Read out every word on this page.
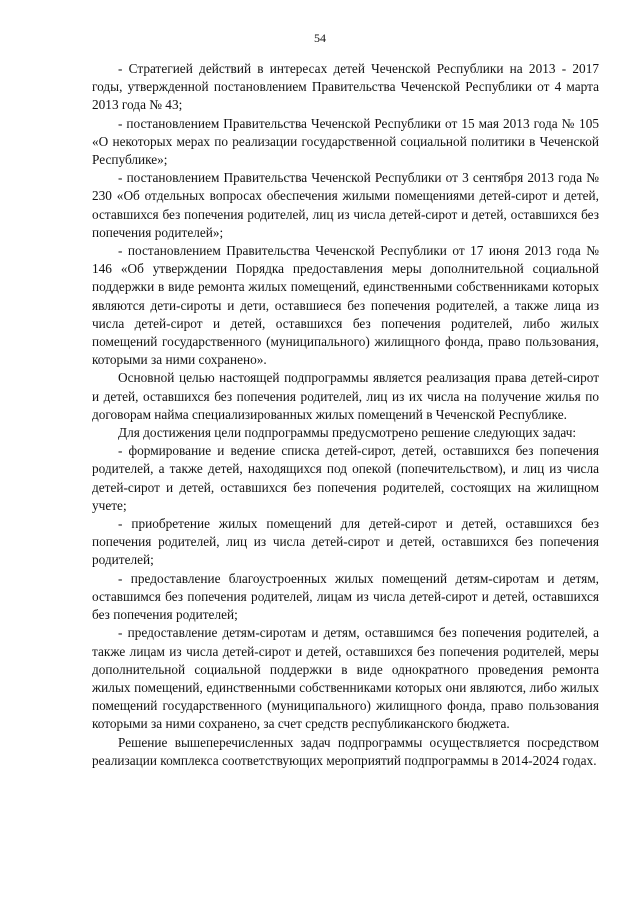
54

- Стратегией действий в интересах детей Чеченской Республики на 2013 - 2017 годы, утвержденной постановлением Правительства Чеченской Республики от 4 марта 2013 года № 43;

- постановлением Правительства Чеченской Республики от 15 мая 2013 года № 105 «О некоторых мерах по реализации государственной социальной политики в Чеченской Республике»;

- постановлением Правительства Чеченской Республики от 3 сентября 2013 года № 230 «Об отдельных вопросах обеспечения жилыми помещениями детей-сирот и детей, оставшихся без попечения родителей, лиц из числа детей-сирот и детей, оставшихся без попечения родителей»;

- постановлением Правительства Чеченской Республики от 17 июня 2013 года № 146 «Об утверждении Порядка предоставления меры дополнительной социальной поддержки в виде ремонта жилых помещений, единственными собственниками которых являются дети-сироты и дети, оставшиеся без попечения родителей, а также лица из числа детей-сирот и детей, оставшихся без попечения родителей, либо жилых помещений государственного (муниципального) жилищного фонда, право пользования, которыми за ними сохранено».

Основной целью настоящей подпрограммы является реализация права детей-сирот и детей, оставшихся без попечения родителей, лиц из их числа на получение жилья по договорам найма специализированных жилых помещений в Чеченской Республике.

Для достижения цели подпрограммы предусмотрено решение следующих задач:

- формирование и ведение списка детей-сирот, детей, оставшихся без попечения родителей, а также детей, находящихся под опекой (попечительством), и лиц из числа детей-сирот и детей, оставшихся без попечения родителей, состоящих на жилищном учете;

- приобретение жилых помещений для детей-сирот и детей, оставшихся без попечения родителей, лиц из числа детей-сирот и детей, оставшихся без попечения родителей;

- предоставление благоустроенных жилых помещений детям-сиротам и детям, оставшимся без попечения родителей, лицам из числа детей-сирот и детей, оставшихся без попечения родителей;

- предоставление детям-сиротам и детям, оставшимся без попечения родителей, а также лицам из числа детей-сирот и детей, оставшихся без попечения родителей, меры дополнительной социальной поддержки в виде однократного проведения ремонта жилых помещений, единственными собственниками которых они являются, либо жилых помещений государственного (муниципального) жилищного фонда, право пользования которыми за ними сохранено, за счет средств республиканского бюджета.

Решение вышеперечисленных задач подпрограммы осуществляется посредством реализации комплекса соответствующих мероприятий подпрограммы в 2014-2024 годах.
